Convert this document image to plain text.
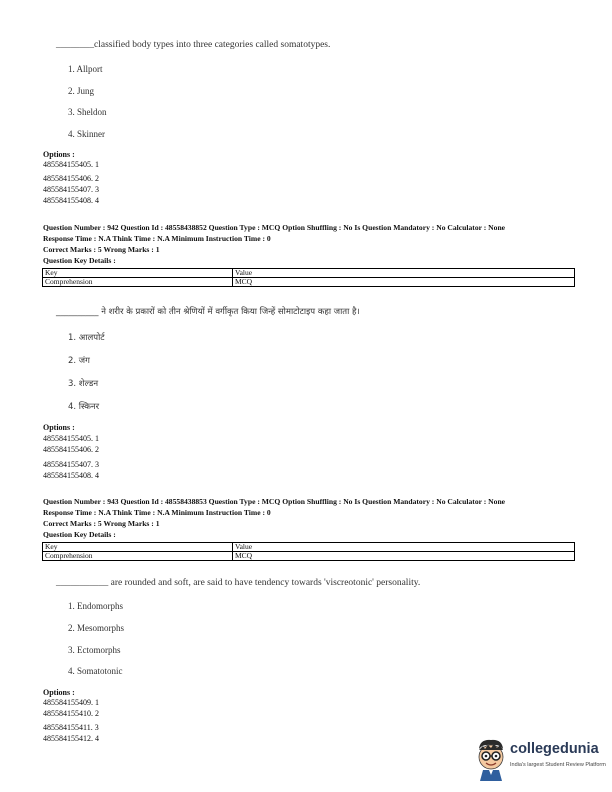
________classified body types into three categories called somatotypes.
1. Allport
2. Jung
3. Sheldon
4. Skinner
Options :
485584155405. 1
485584155406. 2
485584155407. 3
485584155408. 4
Question Number : 942 Question Id : 48558438852 Question Type : MCQ Option Shuffling : No Is Question Mandatory : No Calculator : None
Response Time : N.A Think Time : N.A Minimum Instruction Time : 0
Correct Marks : 5 Wrong Marks : 1
Question Key Details :
Key	Value
Comprehension	MCQ
__________ ने शरीर के प्रकारों को तीन श्रेणियों में वर्गीकृत किया जिन्हें सोमाटोटाइप कहा जाता है।
1. आलपोर्ट
2. जंग
3. शेल्डन
4. स्किनर
Options :
485584155405. 1
485584155406. 2
485584155407. 3
485584155408. 4
Question Number : 943 Question Id : 48558438853 Question Type : MCQ Option Shuffling : No Is Question Mandatory : No Calculator : None
Response Time : N.A Think Time : N.A Minimum Instruction Time : 0
Correct Marks : 5 Wrong Marks : 1
Question Key Details :
Key	Value
Comprehension	MCQ
___________ are rounded and soft, are said to have tendency towards 'viscreotonic' personality.
1. Endomorphs
2. Mesomorphs
3. Ectomorphs
4. Somatotonic
Options :
485584155409. 1
485584155410. 2
485584155411. 3
485584155412. 4
collegedunia
India's largest Student Review Platform
